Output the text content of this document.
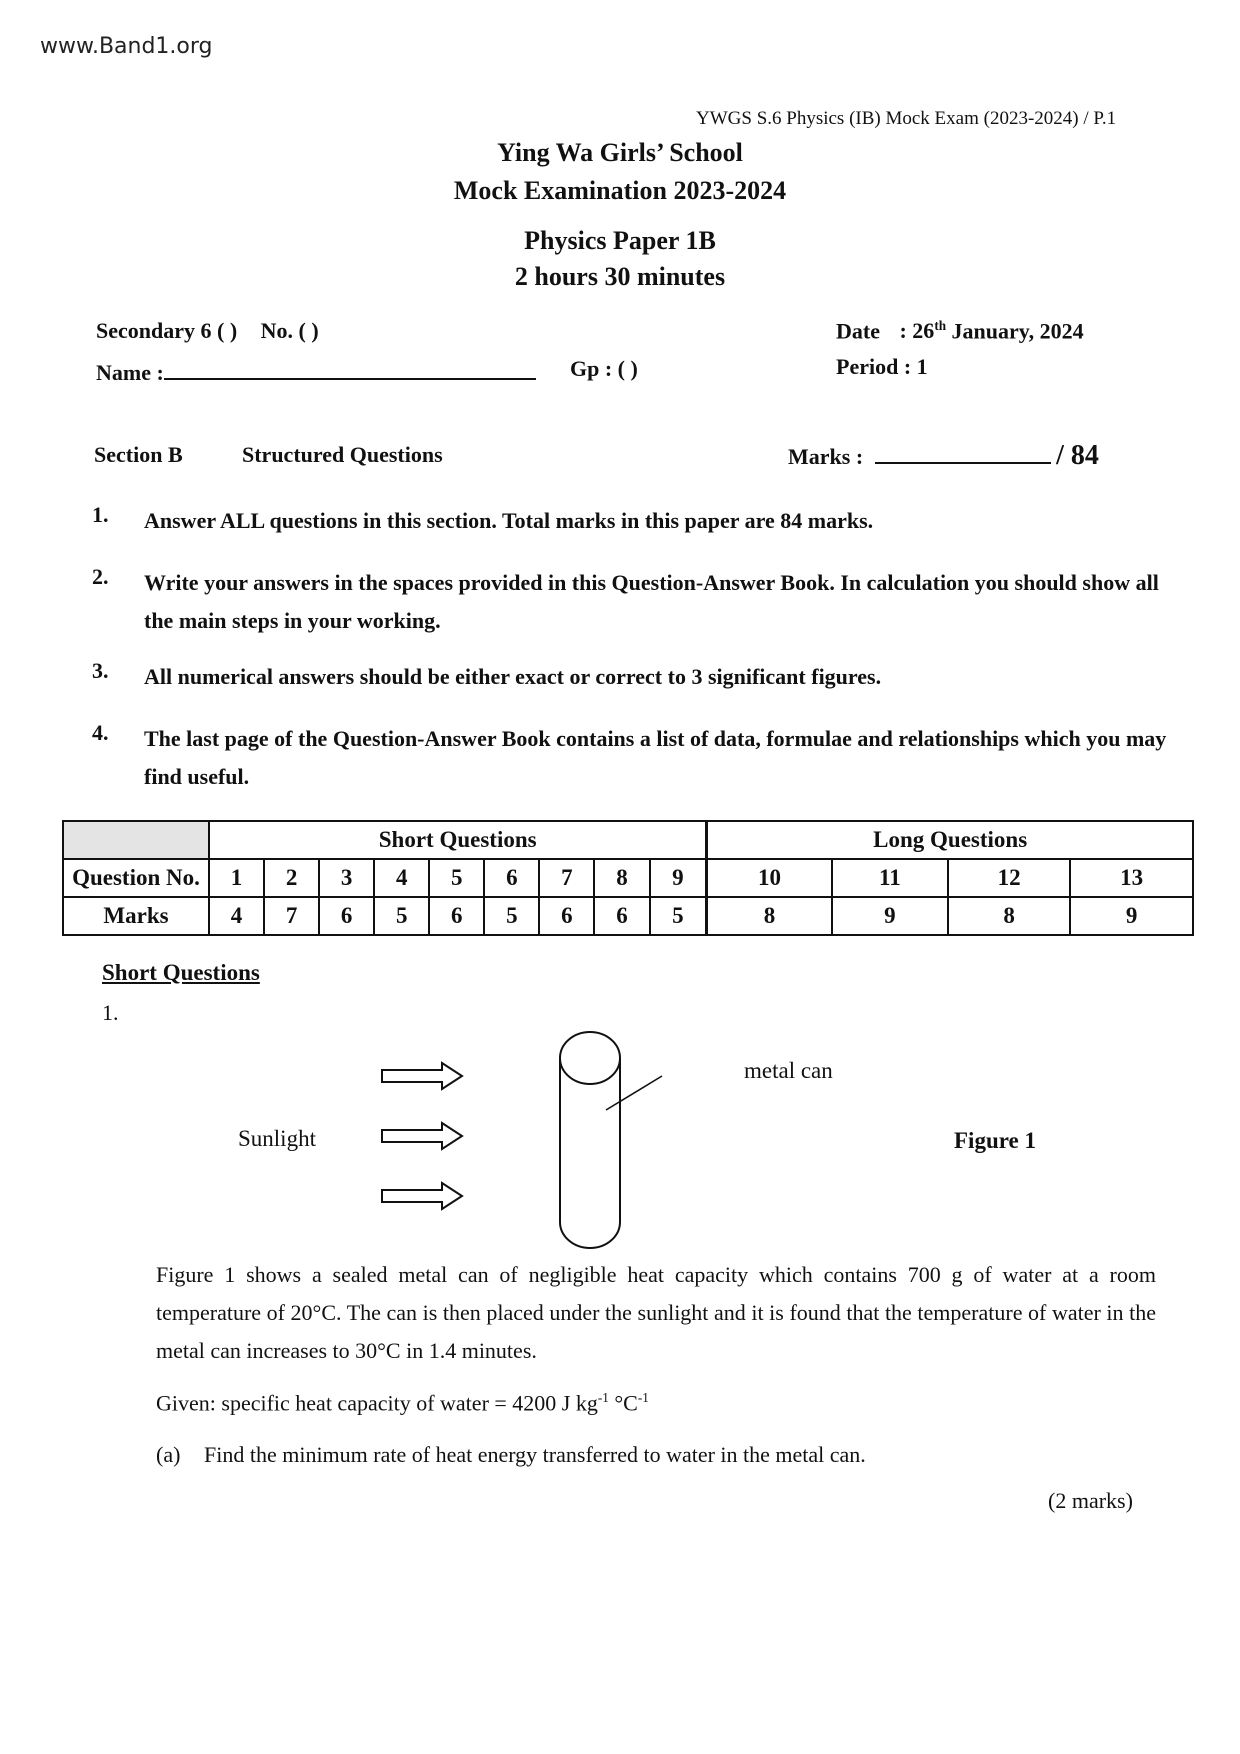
www.Band1.org
YWGS S.6 Physics (IB) Mock Exam (2023-2024) / P.1
Ying Wa Girls’ School
Mock Examination 2023-2024
Physics Paper 1B
2 hours 30 minutes
Secondary 6 ( ) No. ( )
Name :	Gp : ( )
Date : 26th January, 2024
Period : 1
Section B	Structured Questions	Marks :	/ 84
1. Answer ALL questions in this section. Total marks in this paper are 84 marks.
2. Write your answers in the spaces provided in this Question-Answer Book. In calculation you should show all the main steps in your working.
3. All numerical answers should be either exact or correct to 3 significant figures.
4. The last page of the Question-Answer Book contains a list of data, formulae and relationships which you may find useful.
	Short Questions									Long Questions			
Question No.	1	2	3	4	5	6	7	8	9	10	11	12	13
Marks	4	7	6	5	6	5	6	6	5	8	9	8	9
Short Questions
1.
Sunlight
metal can
Figure 1
Figure 1 shows a sealed metal can of negligible heat capacity which contains 700 g of water at a room temperature of 20°C. The can is then placed under the sunlight and it is found that the temperature of water in the metal can increases to 30°C in 1.4 minutes.
Given: specific heat capacity of water = 4200 J $kg^{-1}$ $^\circ C^{-1}$
(a) Find the minimum rate of heat energy transferred to water in the metal can.
(2 marks)
